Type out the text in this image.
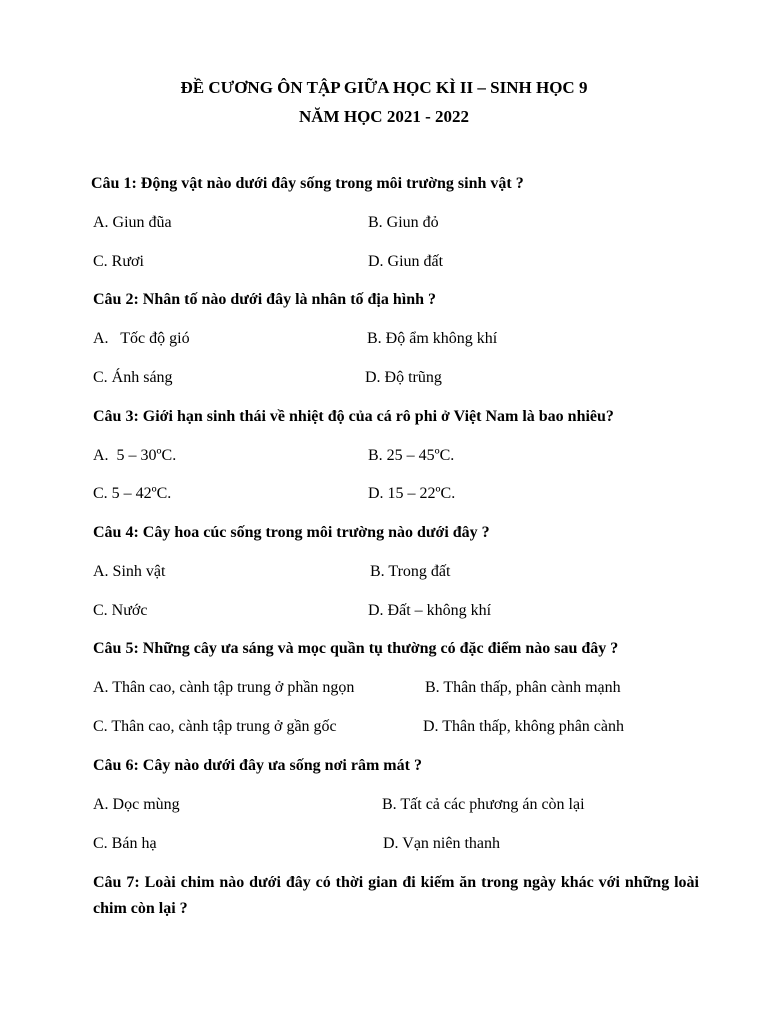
ĐỀ CƯƠNG ÔN TẬP GIỮA HỌC KÌ II – SINH HỌC 9
NĂM HỌC 2021 - 2022
Câu 1: Động vật nào dưới đây sống trong môi trường sinh vật ?
A. Giun đũa	B. Giun đỏ
C. Rươi	D. Giun đất
Câu 2: Nhân tố nào dưới đây là nhân tố địa hình ?
A.   Tốc độ gió	B. Độ ẩm không khí
C. Ánh sáng	D. Độ trũng
Câu 3: Giới hạn sinh thái về nhiệt độ của cá rô phi ở Việt Nam là bao nhiêu?
A.  5 – 30ºC.	B. 25 – 45ºC.
C. 5 – 42ºC.	D. 15 – 22ºC.
Câu 4: Cây hoa cúc sống trong môi trường nào dưới đây ?
A. Sinh vật	B. Trong đất
C. Nước	D. Đất – không khí
Câu 5: Những cây ưa sáng và mọc quần tụ thường có đặc điểm nào sau đây ?
A. Thân cao, cành tập trung ở phần ngọn	B. Thân thấp, phân cành mạnh
C. Thân cao, cành tập trung ở gần gốc	D. Thân thấp, không phân cành
Câu 6: Cây nào dưới đây ưa sống nơi râm mát ?
A. Dọc mùng	B. Tất cả các phương án còn lại
C. Bán hạ	D. Vạn niên thanh
Câu 7: Loài chim nào dưới đây có thời gian đi kiếm ăn trong ngày khác với những loài chim còn lại ?
